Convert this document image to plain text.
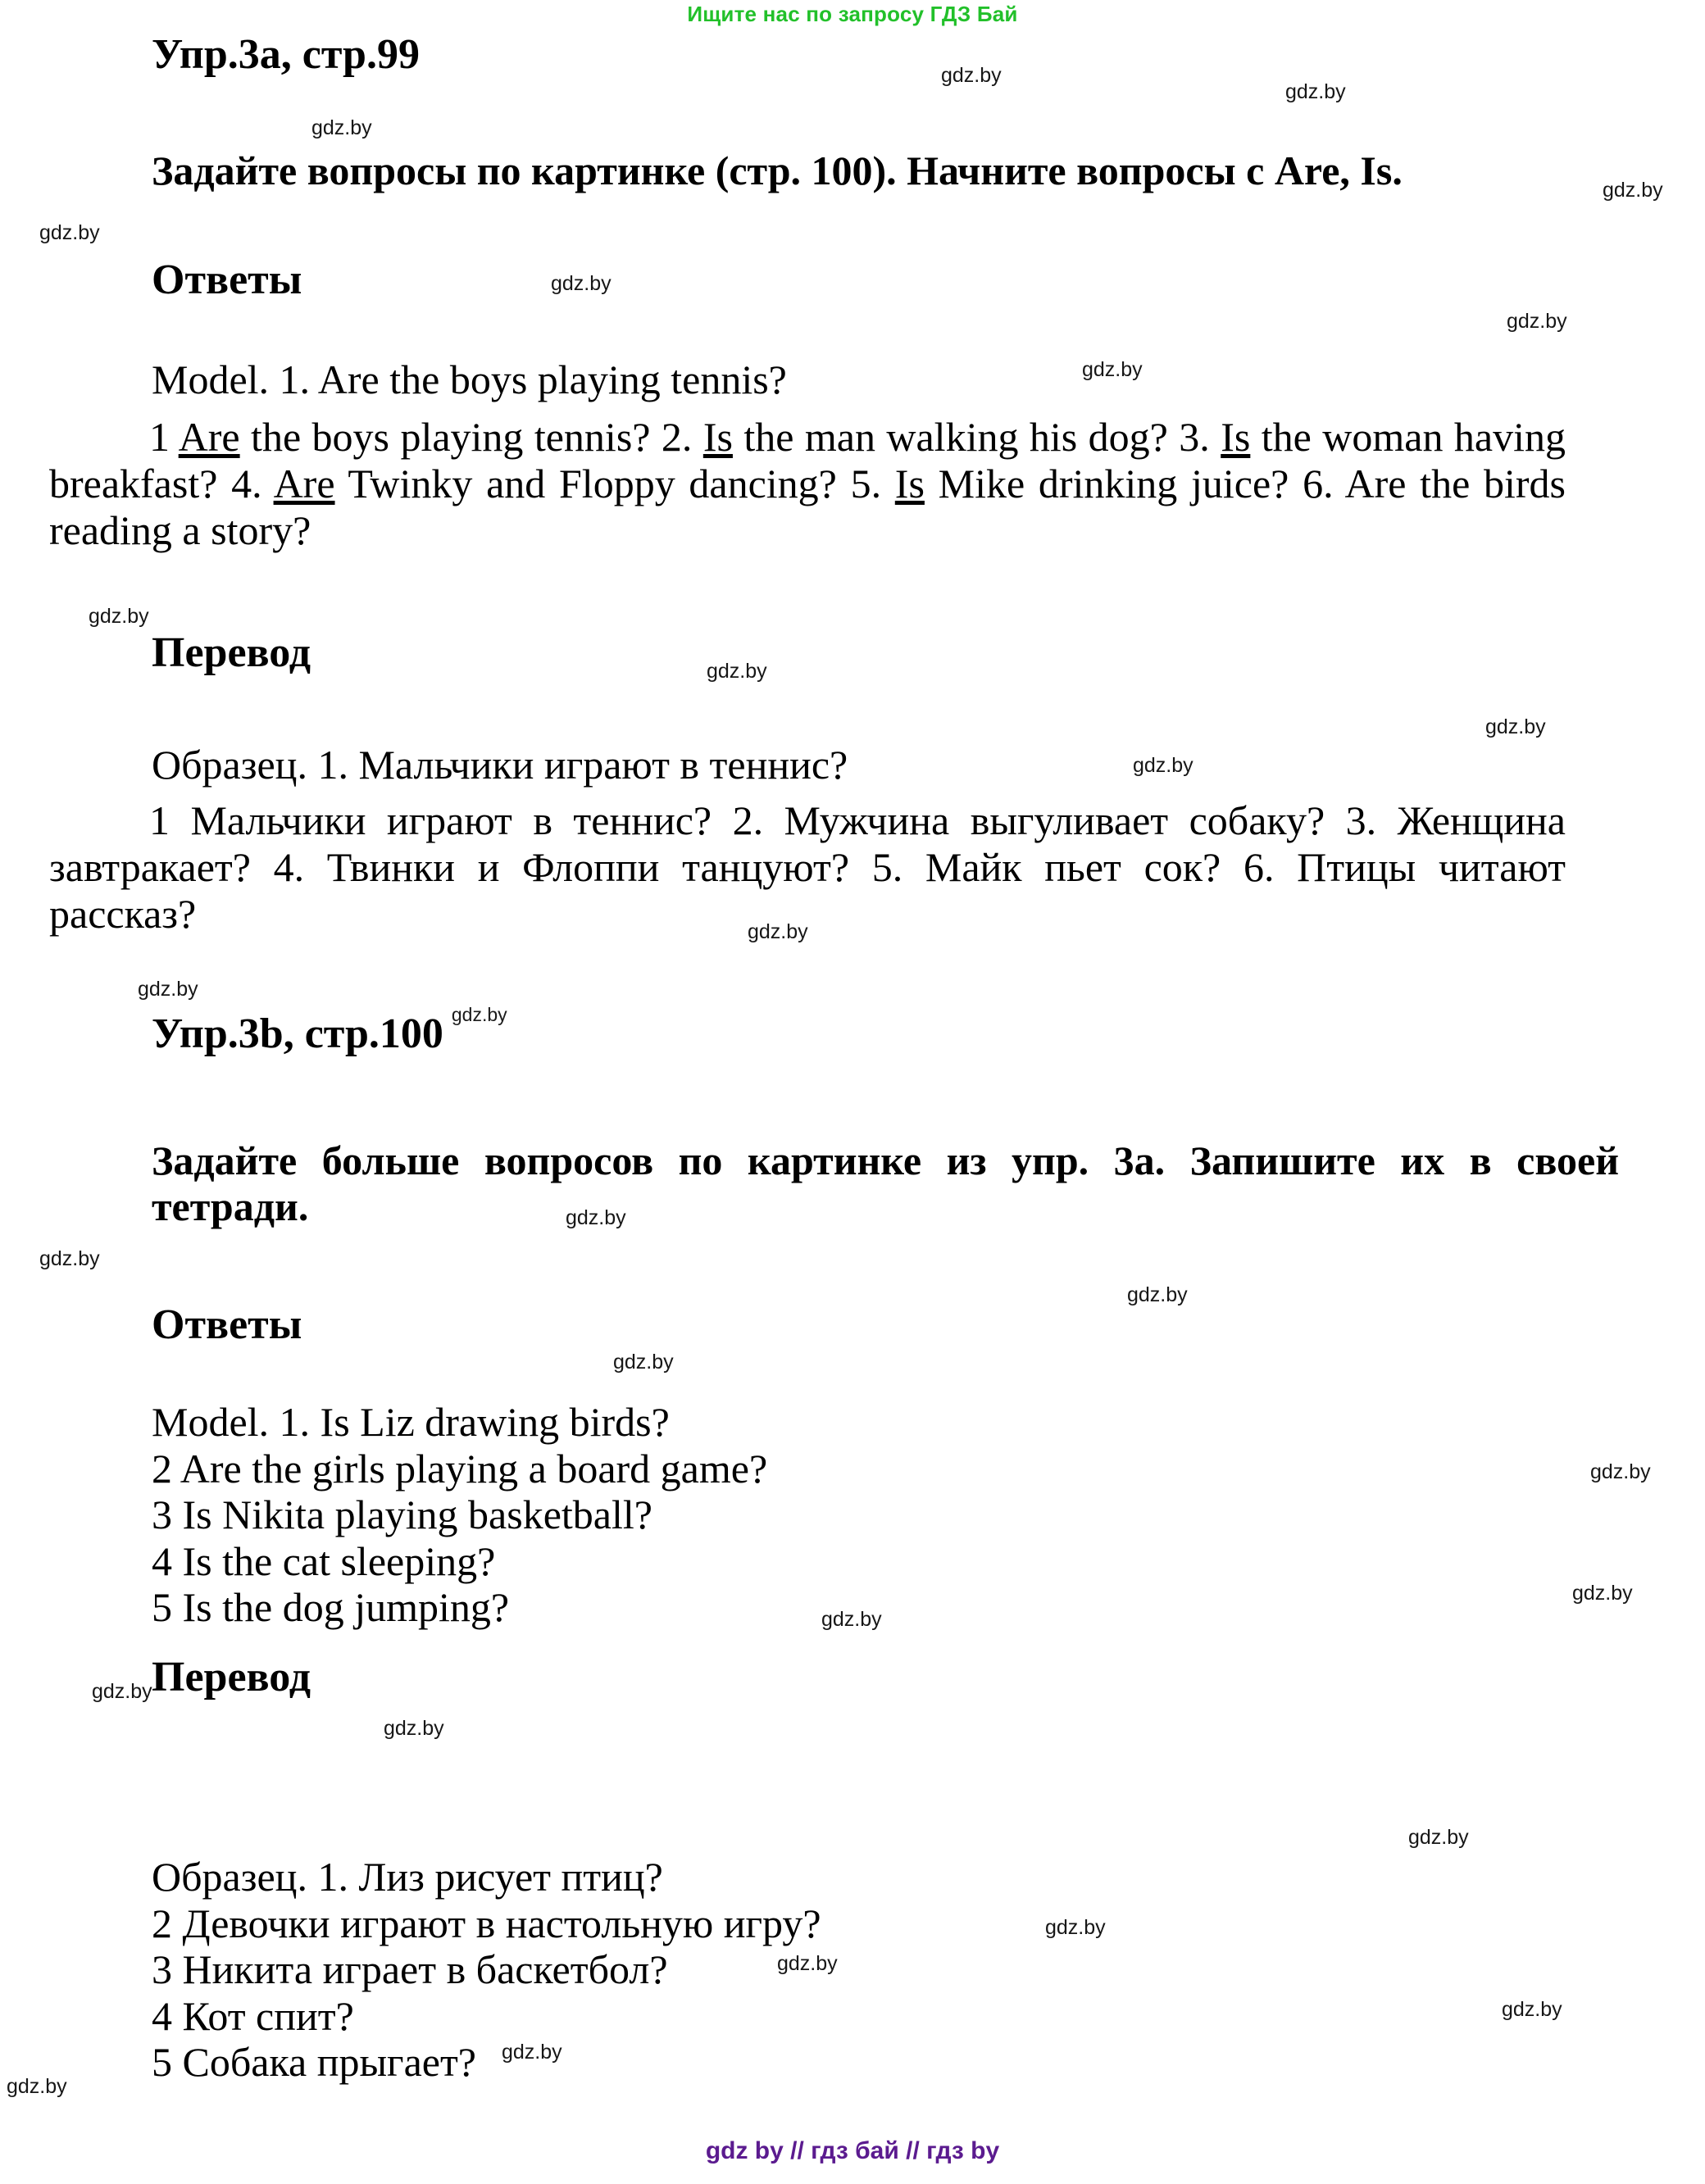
Ищите нас по запросу ГДЗ Бай
Упр.3a, стр.99
Задайте вопросы по картинке (стр. 100). Начните вопросы с Are, Is.
Ответы
Model. 1. Are the boys playing tennis?

1 Are the boys playing tennis? 2. Is the man walking his dog? 3. Is the woman having breakfast? 4. Are Twinky and Floppy dancing? 5. Is Mike drinking juice? 6. Are the birds reading a story?

Перевод
Образец. 1. Мальчики играют в теннис?

1 Мальчики играют в теннис? 2. Мужчина выгуливает собаку? 3. Женщина завтракает? 4. Твинки и Флоппи танцуют? 5. Майк пьет сок? 6. Птицы читают рассказ?

Упр.3b, стр.100 $^{gdz.by}$
Задайте больше вопросов по картинке из упр. 3a. Запишите их в своей тетради.
Ответы
Model. 1. Is Liz drawing birds?
2 Are the girls playing a board game?
3 Is Nikita playing basketball?
4 Is the cat sleeping?
5 Is the dog jumping?
Перевод
Образец. 1. Лиз рисует птиц?
2 Девочки играют в настольную игру?
3 Никита играет в баскетбол?
4 Кот спит?
5 Собака прыгает?
gdz.by
gdz.by
gdz.by
gdz.by
gdz.by
gdz.by
gdz.by
gdz.by
gdz.by
gdz.by
gdz.by
gdz.by
gdz.by
gdz.by
gdz.by
gdz.by
gdz.by
gdz.by
gdz.by
gdz.by
gdz.by
gdz.by
gdz.by
gdz.by
gdz.by
gdz.by
gdz.by
gdz.by
gdz.by
gdz by // гдз бай // гдз by
